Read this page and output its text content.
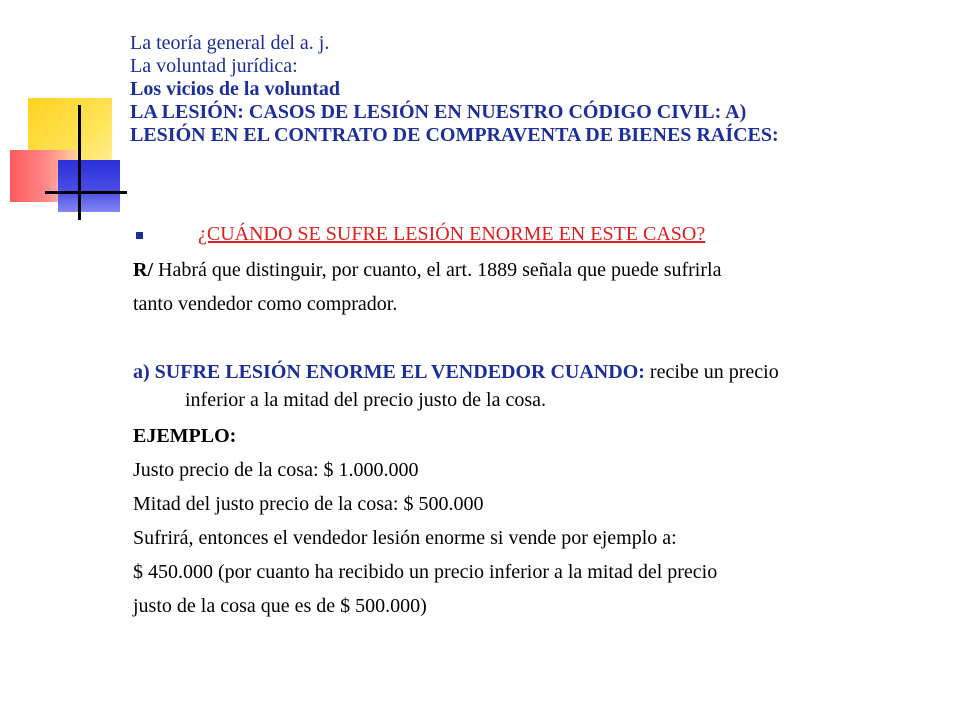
La teoría general del a. j.
La voluntad jurídica:
Los vicios de la voluntad
LA LESIÓN: CASOS DE LESIÓN EN NUESTRO CÓDIGO CIVIL: A)
LESIÓN EN EL CONTRATO DE COMPRAVENTA DE BIENES RAÍCES:
¿CUÁNDO SE SUFRE LESIÓN ENORME EN ESTE CASO?
R/ Habrá que distinguir, por cuanto, el art. 1889 señala que puede sufrirla
tanto vendedor como comprador.
a) SUFRE LESIÓN ENORME EL VENDEDOR CUANDO: recibe un precio
inferior a la mitad del precio justo de la cosa.
EJEMPLO:
Justo precio de la cosa: $ 1.000.000
Mitad del justo precio de la cosa: $ 500.000
Sufrirá, entonces el vendedor lesión enorme si vende por ejemplo a:
$ 450.000 (por cuanto ha recibido un precio inferior a la mitad del precio
justo de la cosa que es de $ 500.000)
